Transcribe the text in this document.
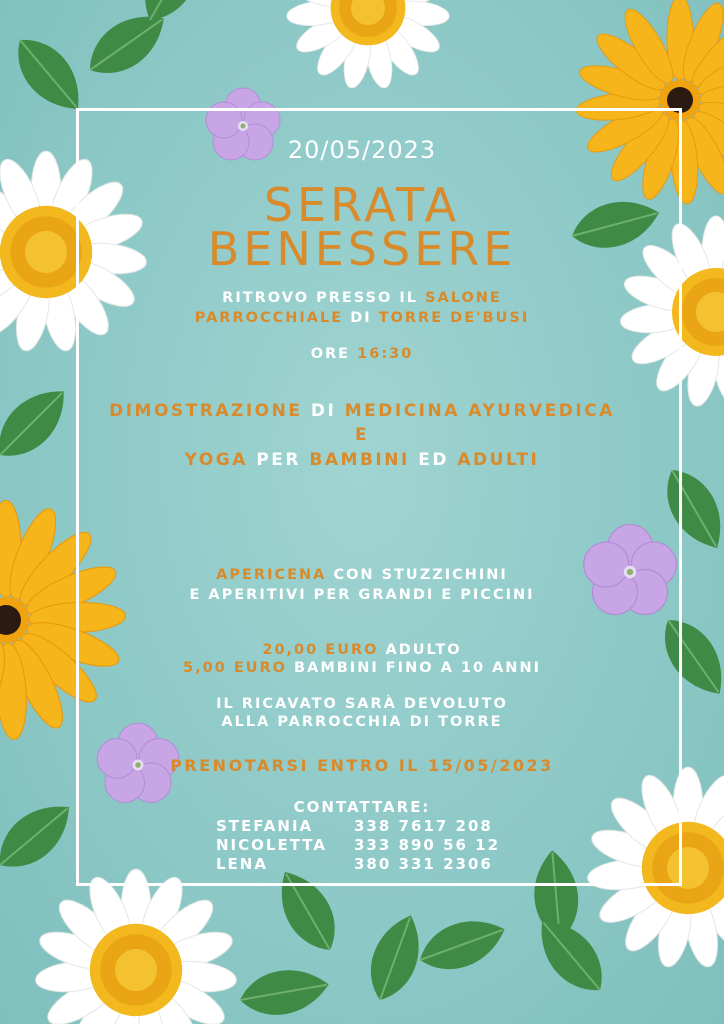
20/05/2023
SERATA
BENESSERE
RITROVO PRESSO IL SALONE
PARROCCHIALE DI TORRE DE'BUSI
ORE 16:30
DIMOSTRAZIONE DI MEDICINA AYURVEDICA
E
YOGA PER BAMBINI ED ADULTI
APERICENA CON STUZZICHINI
E APERITIVI PER GRANDI E PICCINI
20,00 EURO ADULTO
5,00 EURO BAMBINI FINO A 10 ANNI
IL RICAVATO SARÀ DEVOLUTO
ALLA PARROCCHIA DI TORRE
PRENOTARSI ENTRO IL 15/05/2023
CONTATTARE:
STEFANIA	338 7617 208
NICOLETTA	333 890 56 12
LENA	380 331 2306
